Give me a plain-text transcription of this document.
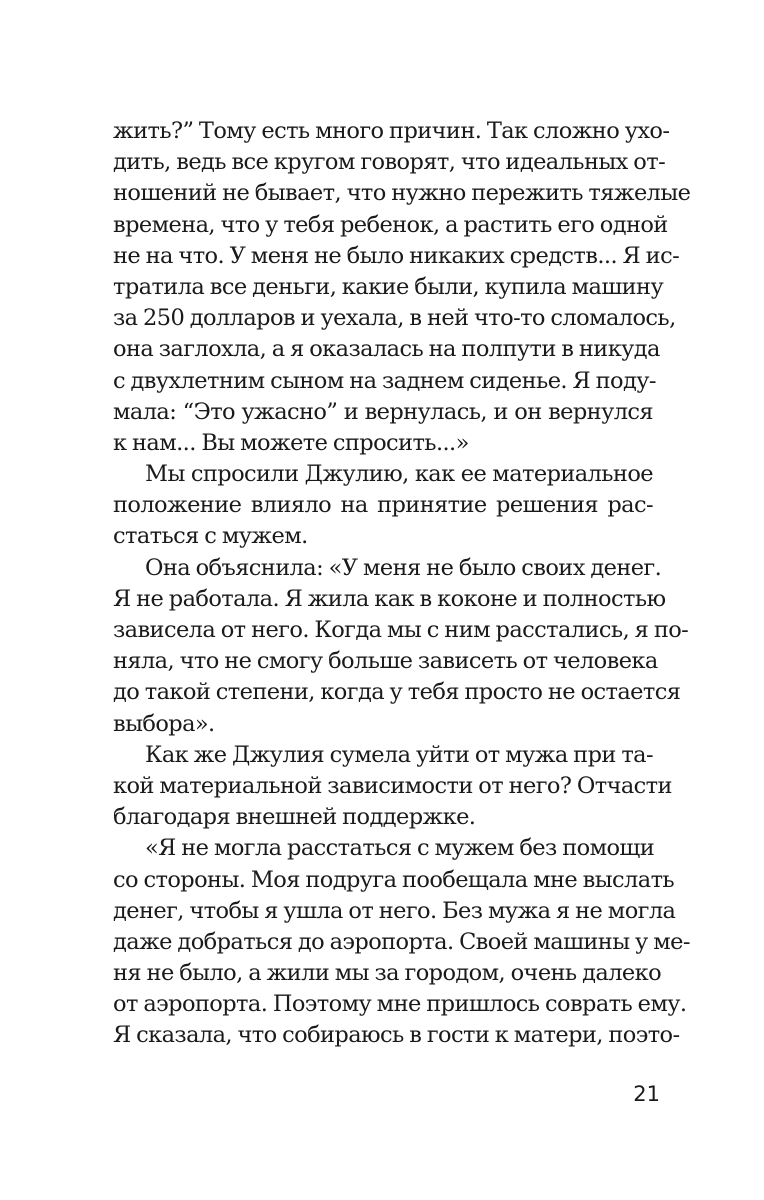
жить?” Тому есть много причин. Так сложно ухо-
дить, ведь все кругом говорят, что идеальных от-
ношений не бывает, что нужно пережить тяжелые
времена, что у тебя ребенок, а растить его одной
не на что. У меня не было никаких средств... Я ис-
тратила все деньги, какие были, купила машину
за 250 долларов и уехала, в ней что-то сломалось,
она заглохла, а я оказалась на полпути в никуда
с двухлетним сыном на заднем сиденье. Я поду-
мала: “Это ужасно” и вернулась, и он вернулся
к нам... Вы можете спросить...»
Мы спросили Джулию, как ее материальное
положение влияло на принятие решения рас-
статься с мужем.
Она объяснила: «У меня не было своих денег.
Я не работала. Я жила как в коконе и полностью
зависела от него. Когда мы с ним расстались, я по-
няла, что не смогу больше зависеть от человека
до такой степени, когда у тебя просто не остается
выбора».
Как же Джулия сумела уйти от мужа при та-
кой материальной зависимости от него? Отчасти
благодаря внешней поддержке.
«Я не могла расстаться с мужем без помощи
со стороны. Моя подруга пообещала мне выслать
денег, чтобы я ушла от него. Без мужа я не могла
даже добраться до аэропорта. Своей машины у ме-
ня не было, а жили мы за городом, очень далеко
от аэропорта. Поэтому мне пришлось соврать ему.
Я сказала, что собираюсь в гости к матери, поэто-
21
